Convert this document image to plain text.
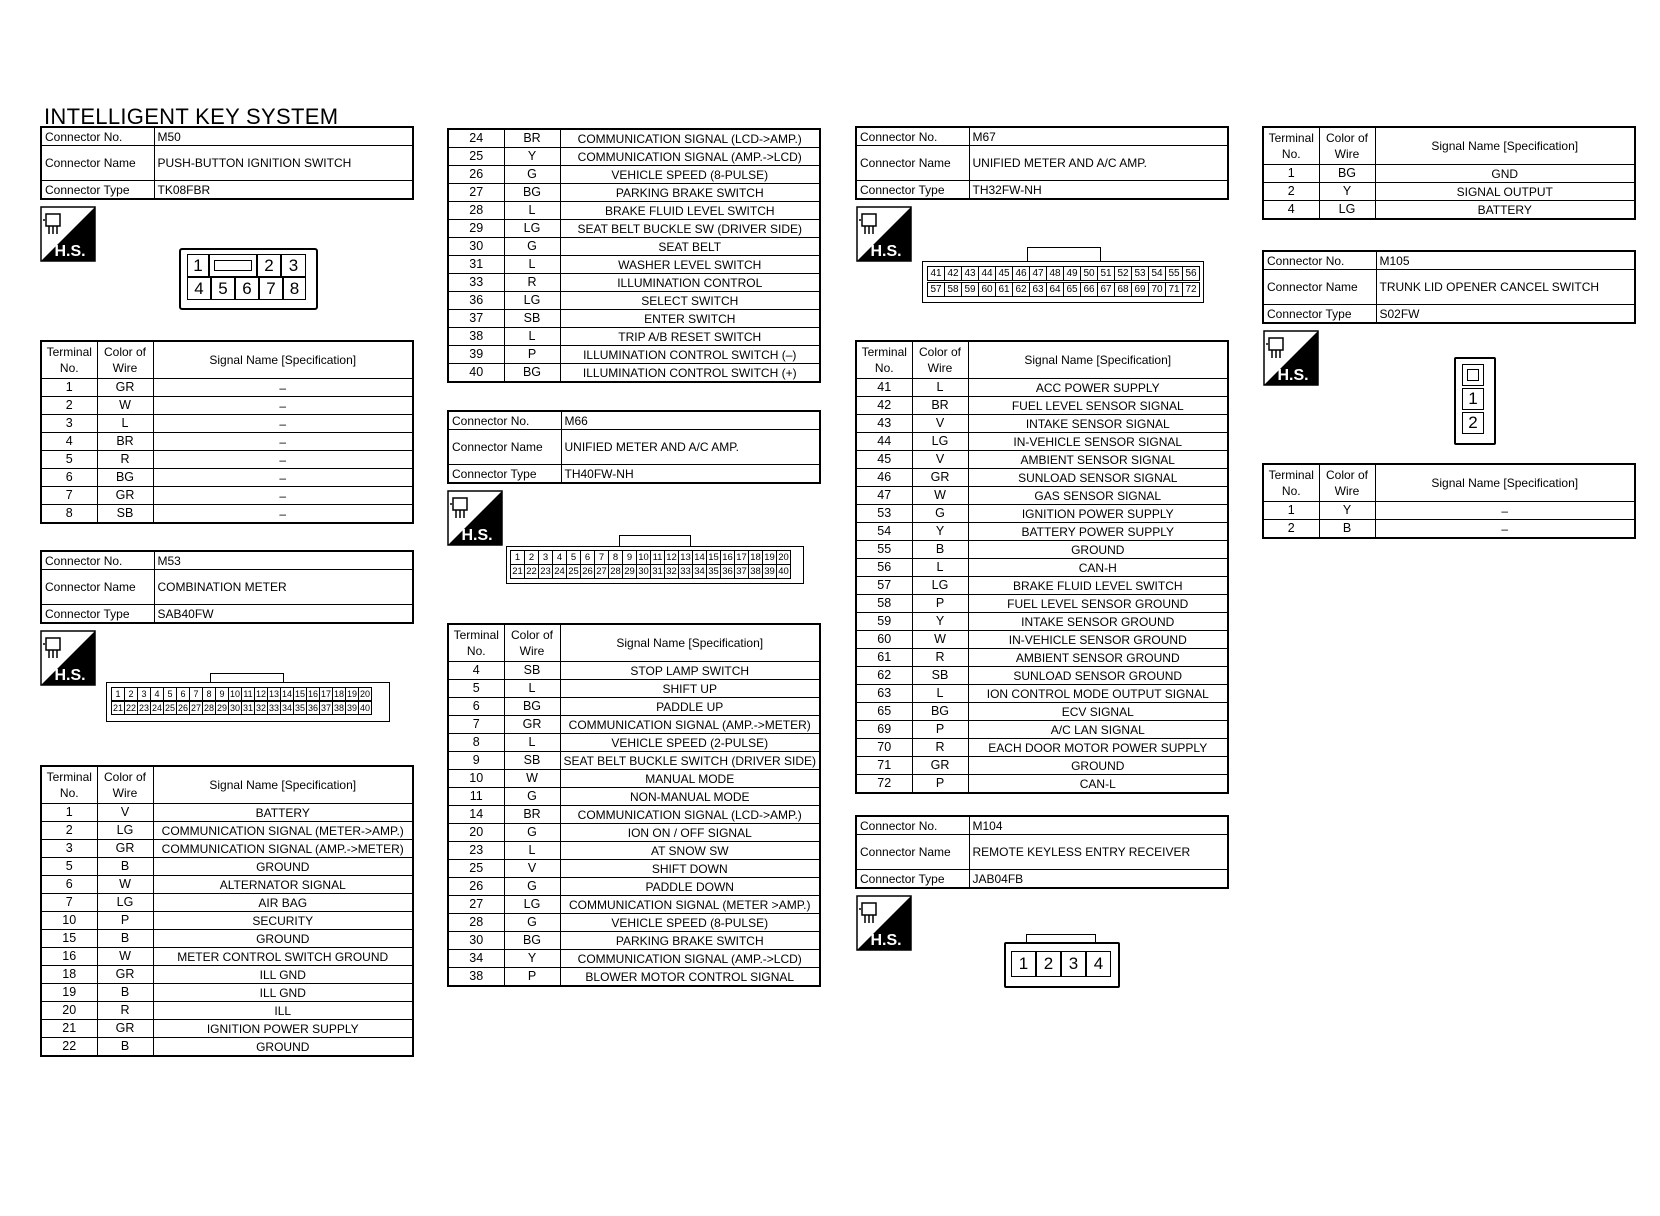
INTELLIGENT KEY SYSTEM
Connector No.	M50
Connector Name	PUSH-BUTTON IGNITION SWITCH
Connector Type	TK08FBR
H.S.
1	2 3
4 5 6 7 8
Terminal No.	Color of Wire	Signal Name [Specification]
1	GR	–
2	W	–
3	L	–
4	BR	–
5	R	–
6	BG	–
7	GR	–
8	SB	–
Connector No.	M53
Connector Name	COMBINATION METER
Connector Type	SAB40FW
H.S.
1 2 3 4 5 6 7 8 9 10 11 12 13 14 15 16 17 18 19 20
21 22 23 24 25 26 27 28 29 30 31 32 33 34 35 36 37 38 39 40
Terminal No.	Color of Wire	Signal Name [Specification]
1	V	BATTERY
2	LG	COMMUNICATION SIGNAL (METER->AMP.)
3	GR	COMMUNICATION SIGNAL (AMP.->METER)
5	B	GROUND
6	W	ALTERNATOR SIGNAL
7	LG	AIR BAG
10	P	SECURITY
15	B	GROUND
16	W	METER CONTROL SWITCH GROUND
18	GR	ILL GND
19	B	ILL GND
20	R	ILL
21	GR	IGNITION POWER SUPPLY
22	B	GROUND
24	BR	COMMUNICATION SIGNAL (LCD->AMP.)
25	Y	COMMUNICATION SIGNAL (AMP.->LCD)
26	G	VEHICLE SPEED (8-PULSE)
27	BG	PARKING BRAKE SWITCH
28	L	BRAKE FLUID LEVEL SWITCH
29	LG	SEAT BELT BUCKLE SW (DRIVER SIDE)
30	G	SEAT BELT
31	L	WASHER LEVEL SWITCH
33	R	ILLUMINATION CONTROL
36	LG	SELECT SWITCH
37	SB	ENTER SWITCH
38	L	TRIP A/B RESET SWITCH
39	P	ILLUMINATION CONTROL SWITCH (–)
40	BG	ILLUMINATION CONTROL SWITCH (+)
Connector No.	M66
Connector Name	UNIFIED METER AND A/C AMP.
Connector Type	TH40FW-NH
H.S.
1 2 3 4 5 6 7 8 9 10 11 12 13 14 15 16 17 18 19 20
21 22 23 24 25 26 27 28 29 30 31 32 33 34 35 36 37 38 39 40
Terminal No.	Color of Wire	Signal Name [Specification]
4	SB	STOP LAMP SWITCH
5	L	SHIFT UP
6	BG	PADDLE UP
7	GR	COMMUNICATION SIGNAL (AMP.->METER)
8	L	VEHICLE SPEED (2-PULSE)
9	SB	SEAT BELT BUCKLE SWITCH (DRIVER SIDE)
10	W	MANUAL MODE
11	G	NON-MANUAL MODE
14	BR	COMMUNICATION SIGNAL (LCD->AMP.)
20	G	ION ON / OFF SIGNAL
23	L	AT SNOW SW
25	V	SHIFT DOWN
26	G	PADDLE DOWN
27	LG	COMMUNICATION SIGNAL (METER >AMP.)
28	G	VEHICLE SPEED (8-PULSE)
30	BG	PARKING BRAKE SWITCH
34	Y	COMMUNICATION SIGNAL (AMP.->LCD)
38	P	BLOWER MOTOR CONTROL SIGNAL
Connector No.	M67
Connector Name	UNIFIED METER AND A/C AMP.
Connector Type	TH32FW-NH
H.S.
41 42 43 44 45 46 47 48 49 50 51 52 53 54 55 56
57 58 59 60 61 62 63 64 65 66 67 68 69 70 71 72
Terminal No.	Color of Wire	Signal Name [Specification]
41	L	ACC POWER SUPPLY
42	BR	FUEL LEVEL SENSOR SIGNAL
43	V	INTAKE SENSOR SIGNAL
44	LG	IN-VEHICLE SENSOR SIGNAL
45	V	AMBIENT SENSOR SIGNAL
46	GR	SUNLOAD SENSOR SIGNAL
47	W	GAS SENSOR SIGNAL
53	G	IGNITION POWER SUPPLY
54	Y	BATTERY POWER SUPPLY
55	B	GROUND
56	L	CAN-H
57	LG	BRAKE FLUID LEVEL SWITCH
58	P	FUEL LEVEL SENSOR GROUND
59	Y	INTAKE SENSOR GROUND
60	W	IN-VEHICLE SENSOR GROUND
61	R	AMBIENT SENSOR GROUND
62	SB	SUNLOAD SENSOR GROUND
63	L	ION CONTROL MODE OUTPUT SIGNAL
65	BG	ECV SIGNAL
69	P	A/C LAN SIGNAL
70	R	EACH DOOR MOTOR POWER SUPPLY
71	GR	GROUND
72	P	CAN-L
Connector No.	M104
Connector Name	REMOTE KEYLESS ENTRY RECEIVER
Connector Type	JAB04FB
H.S.
1 2 3 4
Terminal No.	Color of Wire	Signal Name [Specification]
1	BG	GND
2	Y	SIGNAL OUTPUT
4	LG	BATTERY
Connector No.	M105
Connector Name	TRUNK LID OPENER CANCEL SWITCH
Connector Type	S02FW
H.S.
1
2
Terminal No.	Color of Wire	Signal Name [Specification]
1	Y	–
2	B	–
